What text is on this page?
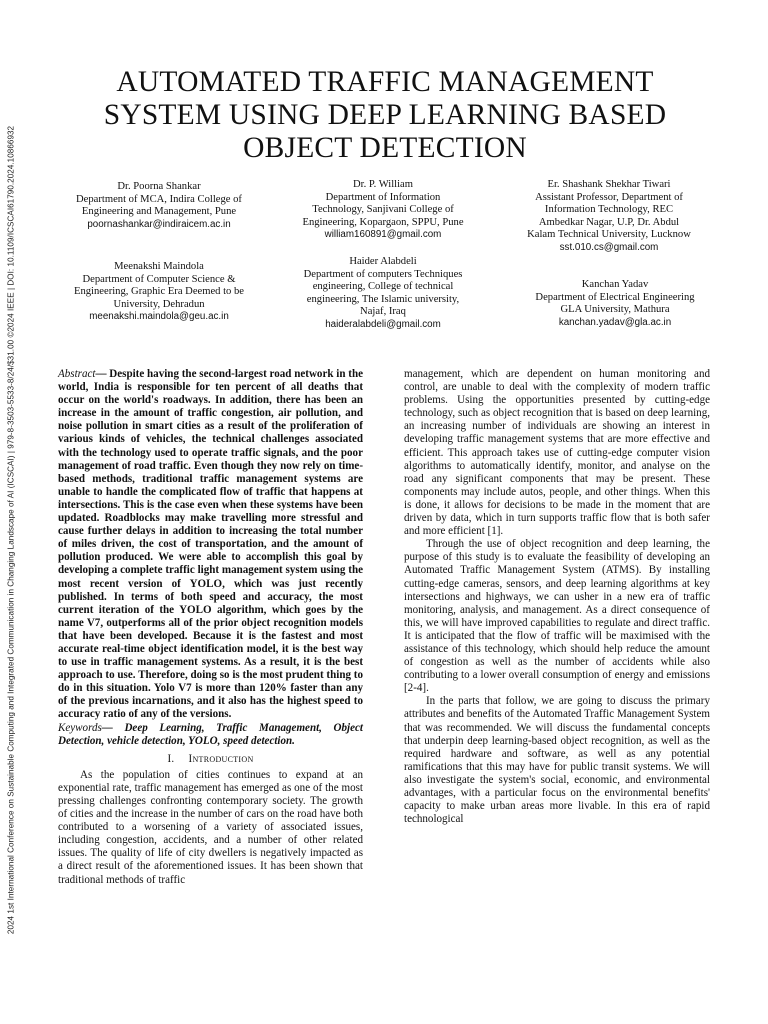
2024 1st International Conference on Sustainable Computing and Integrated Communication in Changing Landscape of AI (ICSCAI) | 979-8-3503-5533-8/24/$31.00 ©2024 IEEE | DOI: 10.1109/ICSCAI61790.2024.10866932
AUTOMATED TRAFFIC MANAGEMENT
SYSTEM USING DEEP LEARNING BASED
OBJECT DETECTION
Dr. Poorna Shankar
Department of MCA, Indira College of
Engineering and Management, Pune
poornashankar@indiraicem.ac.in
Dr. P. William
Department of Information
Technology, Sanjivani College of
Engineering, Kopargaon, SPPU, Pune
william160891@gmail.com
Er. Shashank Shekhar Tiwari
Assistant Professor, Department of
Information Technology, REC
Ambedkar Nagar, U.P, Dr. Abdul
Kalam Technical University, Lucknow
sst.010.cs@gmail.com
Meenakshi Maindola
Department of Computer Science &
Engineering, Graphic Era Deemed to be
University, Dehradun
meenakshi.maindola@geu.ac.in
Haider Alabdeli
Department of computers Techniques
engineering, College of technical
engineering, The Islamic university,
Najaf, Iraq
haideralabdeli@gmail.com
Kanchan Yadav
Department of Electrical Engineering
GLA University, Mathura
kanchan.yadav@gla.ac.in

Abstract— Despite having the second-largest road network in the world, India is responsible for ten percent of all deaths that occur on the world's roadways. In addition, there has been an increase in the amount of traffic congestion, air pollution, and noise pollution in smart cities as a result of the proliferation of various kinds of vehicles, the technical challenges associated with the technology used to operate traffic signals, and the poor management of road traffic. Even though they now rely on time-based methods, traditional traffic management systems are unable to handle the complicated flow of traffic that happens at intersections. This is the case even when these systems have been updated. Roadblocks may make travelling more stressful and cause further delays in addition to increasing the total number of miles driven, the cost of transportation, and the amount of pollution produced. We were able to accomplish this goal by developing a complete traffic light management system using the most recent version of YOLO, which was just recently published. In terms of both speed and accuracy, the most current iteration of the YOLO algorithm, which goes by the name V7, outperforms all of the prior object recognition models that have been developed. Because it is the fastest and most accurate real-time object identification model, it is the best way to use in traffic management systems. As a result, it is the best approach to use. Therefore, doing so is the most prudent thing to do in this situation. Yolo V7 is more than 120% faster than any of the previous incarnations, and it also has the highest speed to accuracy ratio of any of the versions.

Keywords— Deep Learning, Traffic Management, Object Detection, vehicle detection, YOLO, speed detection.

I. Introduction

As the population of cities continues to expand at an exponential rate, traffic management has emerged as one of the most pressing challenges confronting contemporary society. The growth of cities and the increase in the number of cars on the road have both contributed to a worsening of a variety of associated issues, including congestion, accidents, and a number of other related issues. The quality of life of city dwellers is negatively impacted as a direct result of the aforementioned issues. It has been shown that traditional methods of traffic

management, which are dependent on human monitoring and control, are unable to deal with the complexity of modern traffic problems. Using the opportunities presented by cutting-edge technology, such as object recognition that is based on deep learning, an increasing number of individuals are showing an interest in developing traffic management systems that are more effective and efficient. This approach takes use of cutting-edge computer vision algorithms to automatically identify, monitor, and analyse on the road any significant components that may be present. These components may include autos, people, and other things. When this is done, it allows for decisions to be made in the moment that are driven by data, which in turn supports traffic flow that is both safer and more efficient [1].

Through the use of object recognition and deep learning, the purpose of this study is to evaluate the feasibility of developing an Automated Traffic Management System (ATMS). By installing cutting-edge cameras, sensors, and deep learning algorithms at key intersections and highways, we can usher in a new era of traffic monitoring, analysis, and management. As a direct consequence of this, we will have improved capabilities to regulate and direct traffic. It is anticipated that the flow of traffic will be maximised with the assistance of this technology, which should help reduce the amount of congestion as well as the number of accidents while also contributing to a lower overall consumption of energy and emissions [2-4].

In the parts that follow, we are going to discuss the primary attributes and benefits of the Automated Traffic Management System that was recommended. We will discuss the fundamental concepts that underpin deep learning-based object recognition, as well as the required hardware and software, as well as any potential ramifications that this may have for public transit systems. We will also investigate the system's social, economic, and environmental advantages, with a particular focus on the environmental benefits' capacity to make urban areas more livable. In this era of rapid technological
